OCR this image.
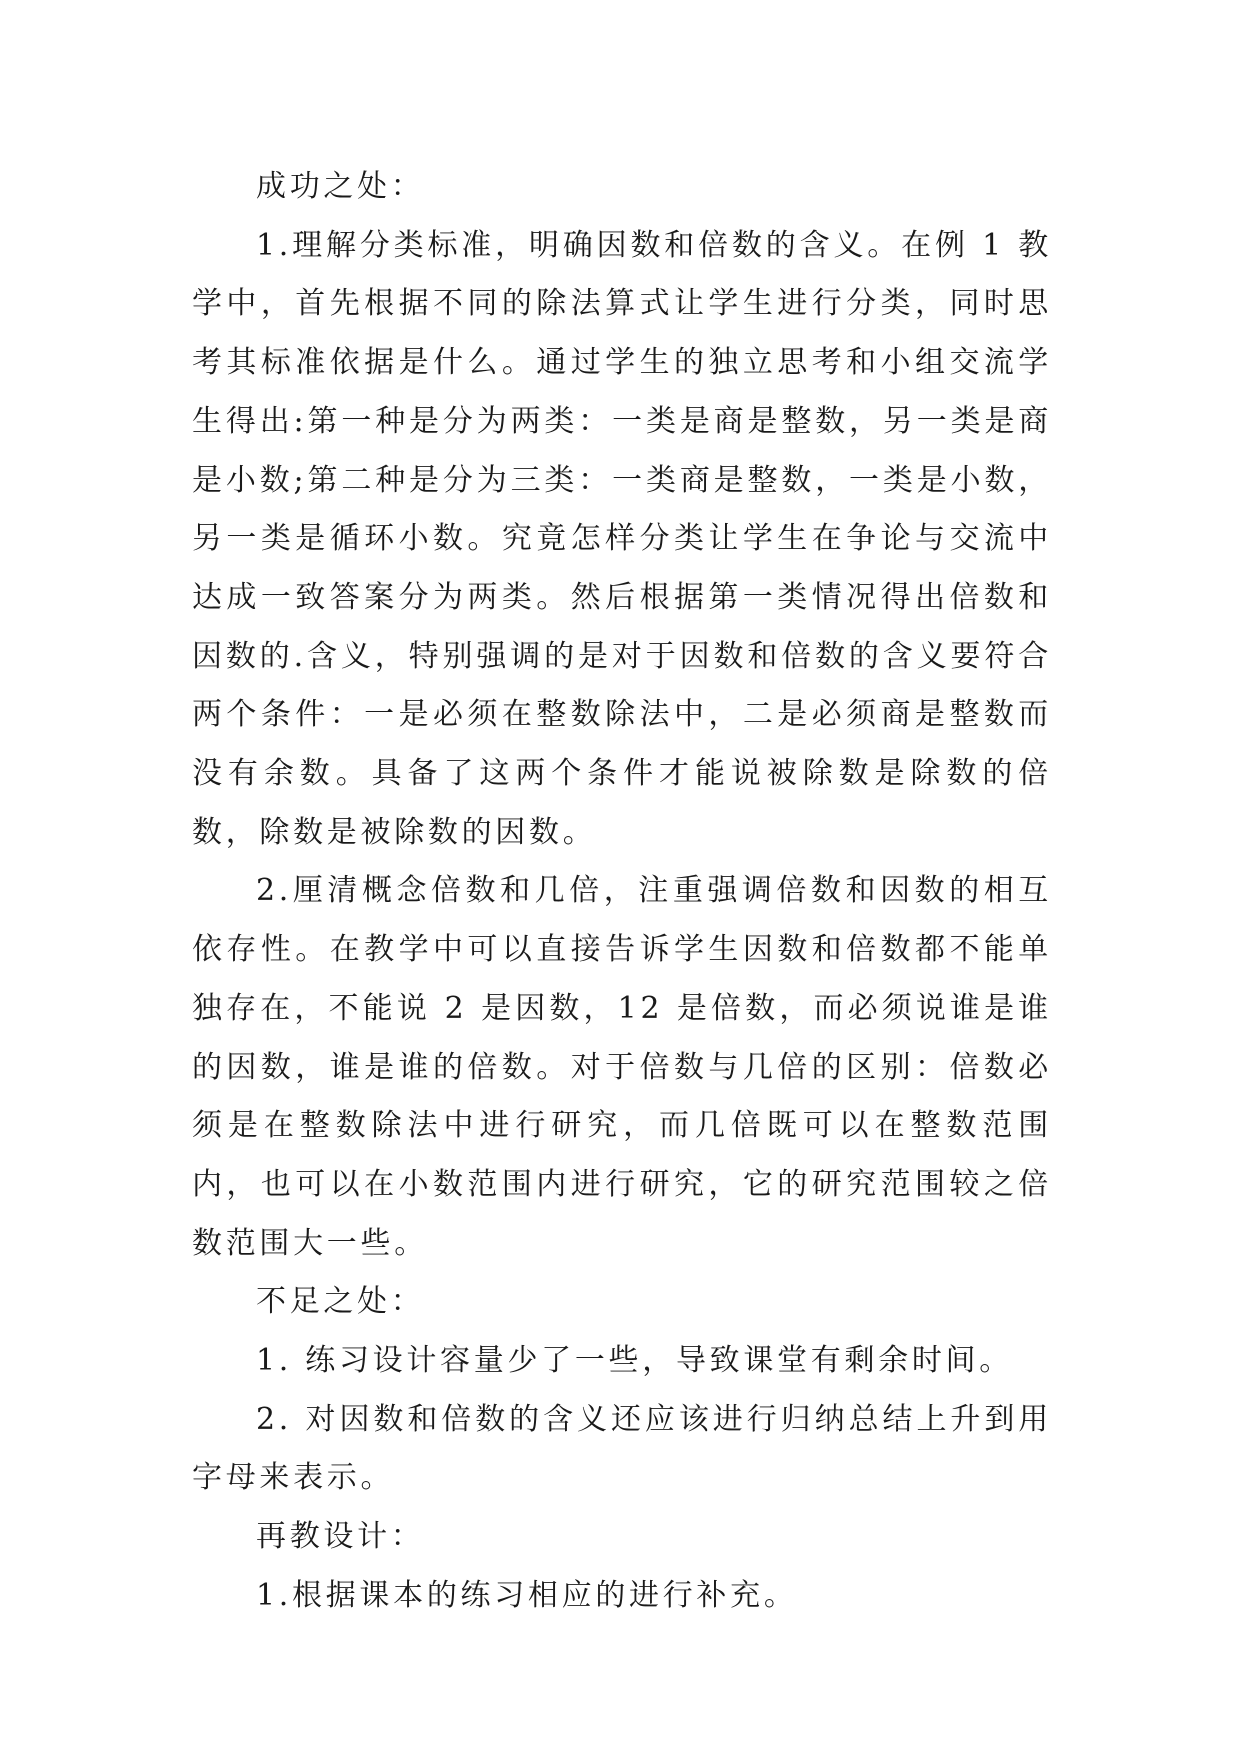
成功之处：

1.理解分类标准，明确因数和倍数的含义。在例 1 教学中，首先根据不同的除法算式让学生进行分类，同时思考其标准依据是什么。通过学生的独立思考和小组交流学生得出:第一种是分为两类：一类是商是整数，另一类是商是小数;第二种是分为三类：一类商是整数，一类是小数，另一类是循环小数。究竟怎样分类让学生在争论与交流中达成一致答案分为两类。然后根据第一类情况得出倍数和因数的.含义，特别强调的是对于因数和倍数的含义要符合两个条件：一是必须在整数除法中，二是必须商是整数而没有余数。具备了这两个条件才能说被除数是除数的倍数，除数是被除数的因数。

2.厘清概念倍数和几倍，注重强调倍数和因数的相互依存性。在教学中可以直接告诉学生因数和倍数都不能单独存在，不能说 2 是因数，12 是倍数，而必须说谁是谁的因数，谁是谁的倍数。对于倍数与几倍的区别：倍数必须是在整数除法中进行研究，而几倍既可以在整数范围内，也可以在小数范围内进行研究，它的研究范围较之倍数范围大一些。

不足之处：

1. 练习设计容量少了一些，导致课堂有剩余时间。

2. 对因数和倍数的含义还应该进行归纳总结上升到用字母来表示。

再教设计：

1.根据课本的练习相应的进行补充。
